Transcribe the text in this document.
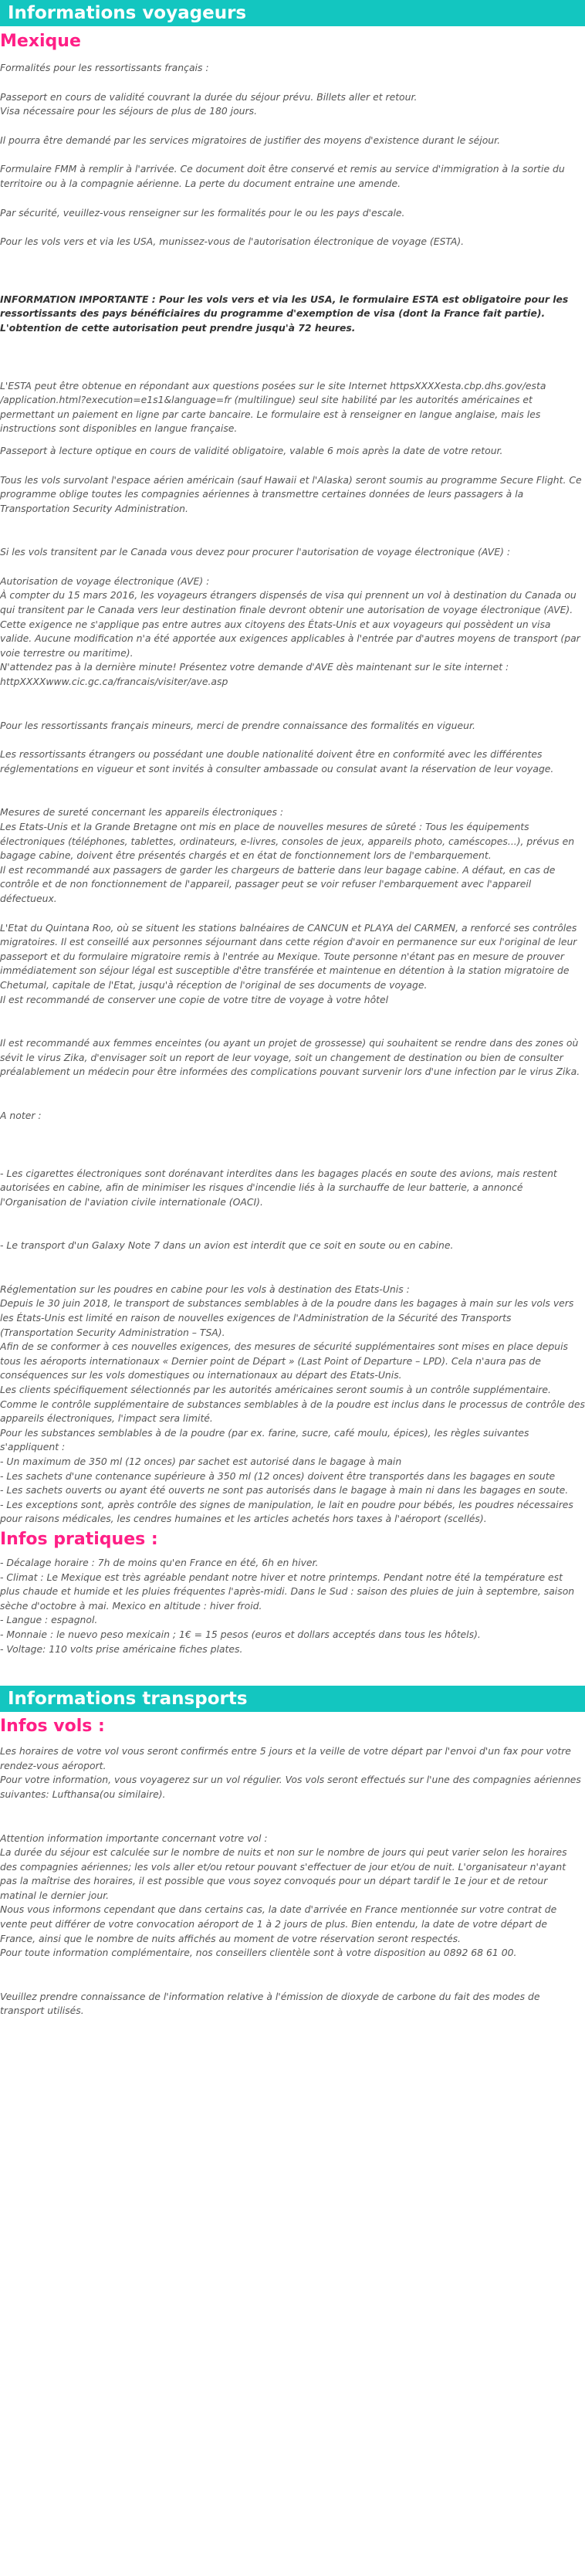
Informations voyageurs
Mexique

Formalités pour les ressortissants français :

Passeport en cours de validité couvrant la durée du séjour prévu. Billets aller et retour.
Visa nécessaire pour les séjours de plus de 180 jours.

Il pourra être demandé par les services migratoires de justifier des moyens d'existence durant le séjour.

Formulaire FMM à remplir à l'arrivée. Ce document doit être conservé et remis au service d'immigration à la sortie du territoire ou à la compagnie aérienne. La perte du document entraine une amende.

Par sécurité, veuillez-vous renseigner sur les formalités pour le ou les pays d'escale.

Pour les vols vers et via les USA, munissez-vous de l'autorisation électronique de voyage (ESTA).

INFORMATION IMPORTANTE : Pour les vols vers et via les USA, le formulaire ESTA est obligatoire pour les ressortissants des pays bénéficiaires du programme d'exemption de visa (dont la France fait partie). L'obtention de cette autorisation peut prendre jusqu'à 72 heures.

L'ESTA peut être obtenue en répondant aux questions posées sur le site Internet httpsXXXXesta.cbp.dhs.gov/esta /application.html?execution=e1s1&language=fr (multilingue) seul site habilité par les autorités américaines et permettant un paiement en ligne par carte bancaire. Le formulaire est à renseigner en langue anglaise, mais les instructions sont disponibles en langue française.

Passeport à lecture optique en cours de validité obligatoire, valable 6 mois après la date de votre retour.

Tous les vols survolant l'espace aérien américain (sauf Hawaii et l'Alaska) seront soumis au programme Secure Flight. Ce programme oblige toutes les compagnies aériennes à transmettre certaines données de leurs passagers à la Transportation Security Administration.

Si les vols transitent par le Canada vous devez pour procurer l'autorisation de voyage électronique (AVE) :

Autorisation de voyage électronique (AVE) :
À compter du 15 mars 2016, les voyageurs étrangers dispensés de visa qui prennent un vol à destination du Canada ou qui transitent par le Canada vers leur destination finale devront obtenir une autorisation de voyage électronique (AVE). Cette exigence ne s'applique pas entre autres aux citoyens des États-Unis et aux voyageurs qui possèdent un visa valide. Aucune modification n'a été apportée aux exigences applicables à l'entrée par d'autres moyens de transport (par voie terrestre ou maritime).
N'attendez pas à la dernière minute! Présentez votre demande d'AVE dès maintenant sur le site internet :
httpXXXXwww.cic.gc.ca/francais/visiter/ave.asp

Pour les ressortissants français mineurs, merci de prendre connaissance des formalités en vigueur.

Les ressortissants étrangers ou possédant une double nationalité doivent être en conformité avec les différentes réglementations en vigueur et sont invités à consulter ambassade ou consulat avant la réservation de leur voyage.

Mesures de sureté concernant les appareils électroniques :
Les Etats-Unis et la Grande Bretagne ont mis en place de nouvelles mesures de sûreté : Tous les équipements électroniques (téléphones, tablettes, ordinateurs, e-livres, consoles de jeux, appareils photo, caméscopes...), prévus en bagage cabine, doivent être présentés chargés et en état de fonctionnement lors de l'embarquement.
Il est recommandé aux passagers de garder les chargeurs de batterie dans leur bagage cabine. A défaut, en cas de contrôle et de non fonctionnement de l'appareil, passager peut se voir refuser l'embarquement avec l'appareil défectueux.

L'Etat du Quintana Roo, où se situent les stations balnéaires de CANCUN et PLAYA del CARMEN, a renforcé ses contrôles migratoires. Il est conseillé aux personnes séjournant dans cette région d'avoir en permanence sur eux l'original de leur passeport et du formulaire migratoire remis à l'entrée au Mexique. Toute personne n'étant pas en mesure de prouver immédiatement son séjour légal est susceptible d'être transférée et maintenue en détention à la station migratoire de Chetumal, capitale de l'Etat, jusqu'à réception de l'original de ses documents de voyage.
Il est recommandé de conserver une copie de votre titre de voyage à votre hôtel

Il est recommandé aux femmes enceintes (ou ayant un projet de grossesse) qui souhaitent se rendre dans des zones où sévit le virus Zika, d'envisager soit un report de leur voyage, soit un changement de destination ou bien de consulter préalablement un médecin pour être informées des complications pouvant survenir lors d'une infection par le virus Zika.

A noter :

- Les cigarettes électroniques sont dorénavant interdites dans les bagages placés en soute des avions, mais restent autorisées en cabine, afin de minimiser les risques d'incendie liés à la surchauffe de leur batterie, a annoncé l'Organisation de l'aviation civile internationale (OACI).

- Le transport d'un Galaxy Note 7 dans un avion est interdit que ce soit en soute ou en cabine.

Réglementation sur les poudres en cabine pour les vols à destination des Etats-Unis :
Depuis le 30 juin 2018, le transport de substances semblables à de la poudre dans les bagages à main sur les vols vers les États-Unis est limité en raison de nouvelles exigences de l'Administration de la Sécurité des Transports (Transportation Security Administration – TSA).
Afin de se conformer à ces nouvelles exigences, des mesures de sécurité supplémentaires sont mises en place depuis tous les aéroports internationaux « Dernier point de Départ » (Last Point of Departure – LPD). Cela n'aura pas de conséquences sur les vols domestiques ou internationaux au départ des Etats-Unis.
Les clients spécifiquement sélectionnés par les autorités américaines seront soumis à un contrôle supplémentaire.
Comme le contrôle supplémentaire de substances semblables à de la poudre est inclus dans le processus de contrôle des appareils électroniques, l'impact sera limité.
Pour les substances semblables à de la poudre (par ex. farine, sucre, café moulu, épices), les règles suivantes s'appliquent :
- Un maximum de 350 ml (12 onces) par sachet est autorisé dans le bagage à main
- Les sachets d'une contenance supérieure à 350 ml (12 onces) doivent être transportés dans les bagages en soute
- Les sachets ouverts ou ayant été ouverts ne sont pas autorisés dans le bagage à main ni dans les bagages en soute.
- Les exceptions sont, après contrôle des signes de manipulation, le lait en poudre pour bébés, les poudres nécessaires pour raisons médicales, les cendres humaines et les articles achetés hors taxes à l'aéroport (scellés).

Infos pratiques :

- Décalage horaire : 7h de moins qu'en France en été, 6h en hiver.
- Climat : Le Mexique est très agréable pendant notre hiver et notre printemps. Pendant notre été la température est plus chaude et humide et les pluies fréquentes l'après-midi. Dans le Sud : saison des pluies de juin à septembre, saison sèche d'octobre à mai. Mexico en altitude : hiver froid.
- Langue : espagnol.
- Monnaie : le nuevo peso mexicain ; 1€ = 15 pesos (euros et dollars acceptés dans tous les hôtels).
- Voltage: 110 volts prise américaine fiches plates.

Informations transports
Infos vols :

Les horaires de votre vol vous seront confirmés entre 5 jours et la veille de votre départ par l'envoi d'un fax pour votre rendez-vous aéroport.
Pour votre information, vous voyagerez sur un vol régulier. Vos vols seront effectués sur l'une des compagnies aériennes suivantes: Lufthansa(ou similaire).

Attention information importante concernant votre vol :
La durée du séjour est calculée sur le nombre de nuits et non sur le nombre de jours qui peut varier selon les horaires des compagnies aériennes; les vols aller et/ou retour pouvant s'effectuer de jour et/ou de nuit. L'organisateur n'ayant pas la maîtrise des horaires, il est possible que vous soyez convoqués pour un départ tardif le 1e jour et de retour matinal le dernier jour.
Nous vous informons cependant que dans certains cas, la date d'arrivée en France mentionnée sur votre contrat de vente peut différer de votre convocation aéroport de 1 à 2 jours de plus. Bien entendu, la date de votre départ de France, ainsi que le nombre de nuits affichés au moment de votre réservation seront respectés.
Pour toute information complémentaire, nos conseillers clientèle sont à votre disposition au 0892 68 61 00.

Veuillez prendre connaissance de l'information relative à l'émission de dioxyde de carbone du fait des modes de transport utilisés.
